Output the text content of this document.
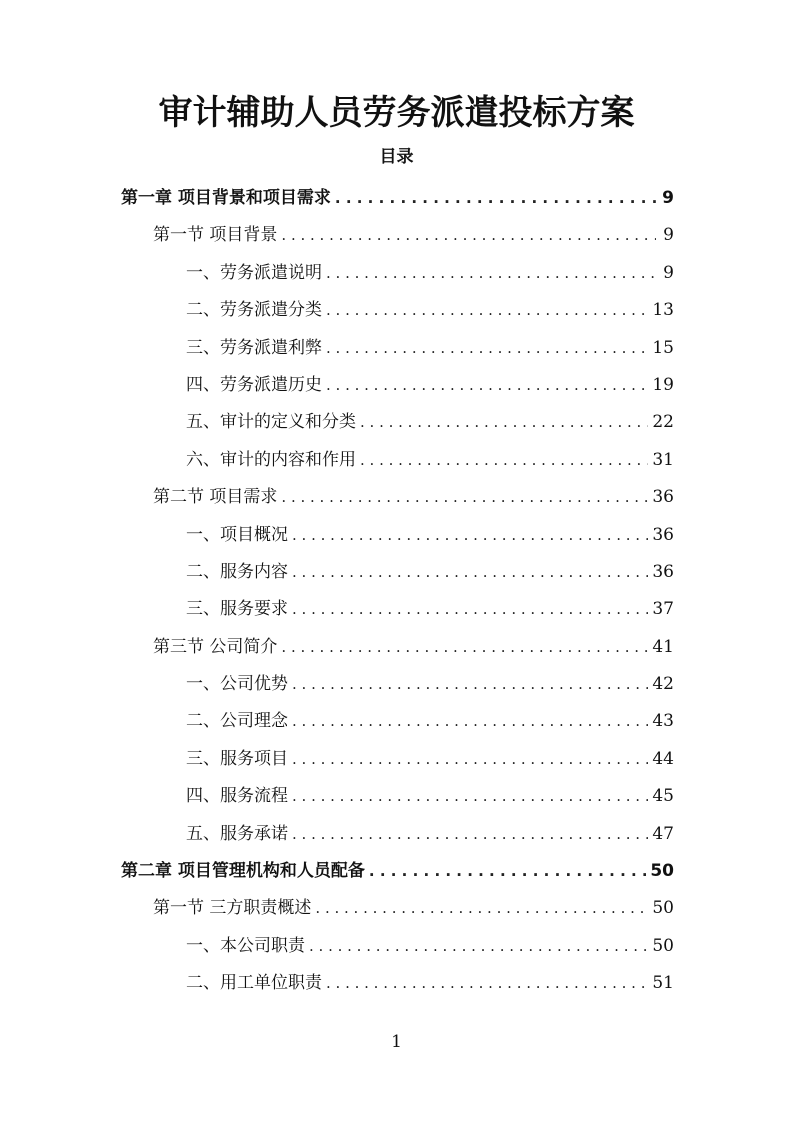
审计辅助人员劳务派遣投标方案
目录
第一章 项目背景和项目需求 . . .	9
第一节 项目背景 . . .	9
一、劳务派遣说明 . . .	9
二、劳务派遣分类 . . .	13
三、劳务派遣利弊 . . .	15
四、劳务派遣历史 . . .	19
五、审计的定义和分类 . . .	22
六、审计的内容和作用 . . .	31
第二节 项目需求 . . .	36
一、项目概况 . . .	36
二、服务内容 . . .	36
三、服务要求 . . .	37
第三节 公司简介 . . .	41
一、公司优势 . . .	42
二、公司理念 . . .	43
三、服务项目 . . .	44
四、服务流程 . . .	45
五、服务承诺 . . .	47
第二章 项目管理机构和人员配备 . . .	50
第一节 三方职责概述 . . .	50
一、本公司职责 . . .	50
二、用工单位职责 . . .	51
1
